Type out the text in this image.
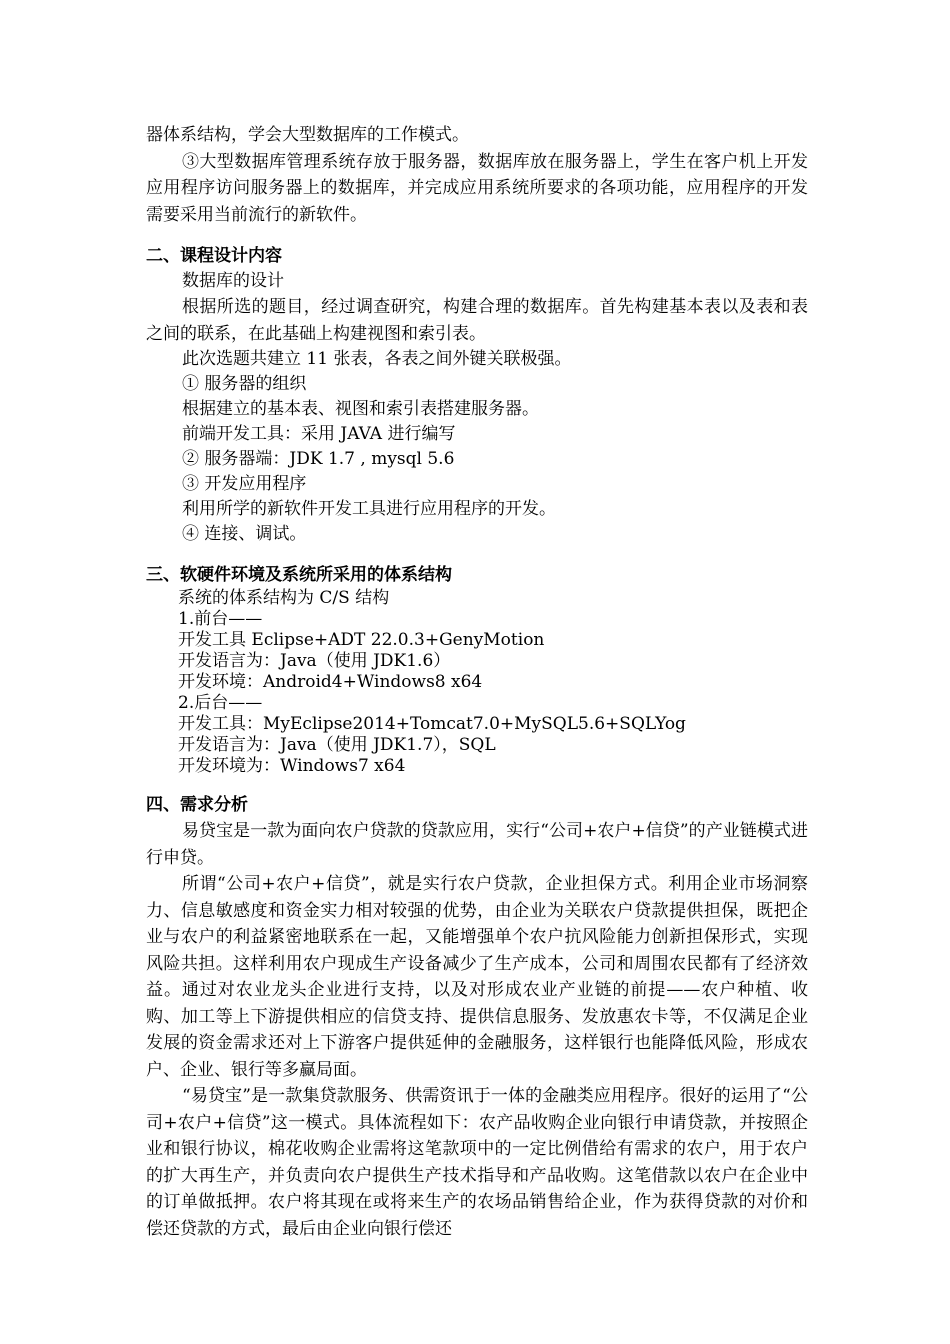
器体系结构，学会大型数据库的工作模式。

③大型数据库管理系统存放于服务器，数据库放在服务器上，学生在客户机上开发应用程序访问服务器上的数据库，并完成应用系统所要求的各项功能，应用程序的开发需要采用当前流行的新软件。

二、课程设计内容
数据库的设计

根据所选的题目，经过调查研究，构建合理的数据库。首先构建基本表以及表和表之间的联系，在此基础上构建视图和索引表。

此次选题共建立 11 张表，各表之间外键关联极强。
① 服务器的组织
根据建立的基本表、视图和索引表搭建服务器。
前端开发工具：采用 JAVA 进行编写
② 服务器端：JDK 1.7 , mysql 5.6
③ 开发应用程序
利用所学的新软件开发工具进行应用程序的开发。
④ 连接、调试。
三、软硬件环境及系统所采用的体系结构
系统的体系结构为 C/S 结构
1.前台——
开发工具 Eclipse+ADT 22.0.3+GenyMotion
开发语言为：Java（使用 JDK1.6）
开发环境：Android4+Windows8 x64
2.后台——
开发工具：MyEclipse2014+Tomcat7.0+MySQL5.6+SQLYog
开发语言为：Java（使用 JDK1.7），SQL
开发环境为：Windows7 x64
四、需求分析

易贷宝是一款为面向农户贷款的贷款应用，实行“公司+农户+信贷”的产业链模式进行申贷。

所谓“公司+农户+信贷”，就是实行农户贷款，企业担保方式。利用企业市场洞察力、信息敏感度和资金实力相对较强的优势，由企业为关联农户贷款提供担保，既把企业与农户的利益紧密地联系在一起，又能增强单个农户抗风险能力创新担保形式，实现风险共担。这样利用农户现成生产设备减少了生产成本，公司和周围农民都有了经济效益。通过对农业龙头企业进行支持，以及对形成农业产业链的前提——农户种植、收购、加工等上下游提供相应的信贷支持、提供信息服务、发放惠农卡等，不仅满足企业发展的资金需求还对上下游客户提供延伸的金融服务，这样银行也能降低风险，形成农户、企业、银行等多赢局面。

“易贷宝”是一款集贷款服务、供需资讯于一体的金融类应用程序。很好的运用了“公司+农户+信贷”这一模式。具体流程如下：农产品收购企业向银行申请贷款，并按照企业和银行协议，棉花收购企业需将这笔款项中的一定比例借给有需求的农户，用于农户的扩大再生产，并负责向农户提供生产技术指导和产品收购。这笔借款以农户在企业中的订单做抵押。农户将其现在或将来生产的农场品销售给企业，作为获得贷款的对价和偿还贷款的方式，最后由企业向银行偿还
